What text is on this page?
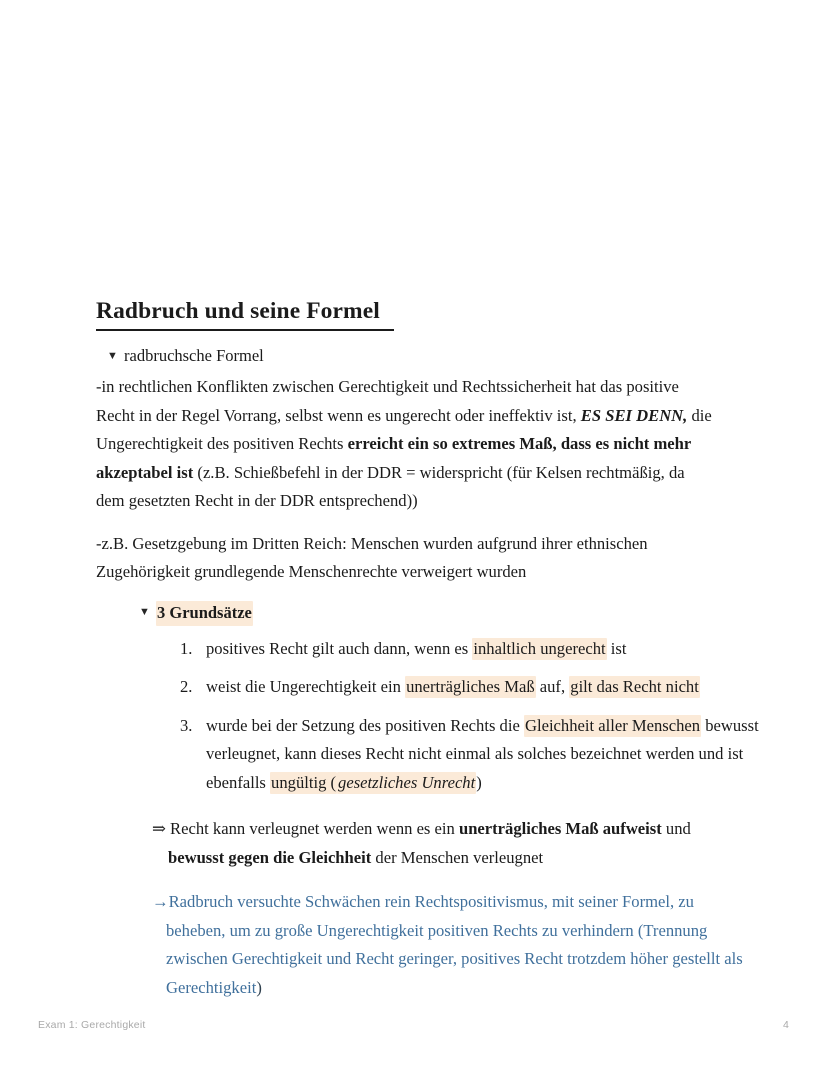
Radbruch und seine Formel
▼ radbruchsche Formel

-in rechtlichen Konflikten zwischen Gerechtigkeit und Rechtssicherheit hat das positive Recht in der Regel Vorrang, selbst wenn es ungerecht oder ineffektiv ist, ES SEI DENN, die Ungerechtigkeit des positiven Rechts erreicht ein so extremes Maß, dass es nicht mehr akzeptabel ist (z.B. Schießbefehl in der DDR = widerspricht (für Kelsen rechtmäßig, da dem gesetzten Recht in der DDR entsprechend))

-z.B. Gesetzgebung im Dritten Reich: Menschen wurden aufgrund ihrer ethnischen Zugehörigkeit grundlegende Menschenrechte verweigert wurden

▼ 3 Grundsätze
positives Recht gilt auch dann, wenn es inhaltlich ungerecht ist
weist die Ungerechtigkeit ein unerträgliches Maß auf, gilt das Recht nicht
wurde bei der Setzung des positiven Rechts die Gleichheit aller Menschen bewusst verleugnet, kann dieses Recht nicht einmal als solches bezeichnet werden und ist ebenfalls ungültig ( gesetzliches Unrecht)

⇒ Recht kann verleugnet werden wenn es ein unerträgliches Maß aufweist und bewusst gegen die Gleichheit der Menschen verleugnet

→Radbruch versuchte Schwächen rein Rechtspositivismus, mit seiner Formel, zu beheben, um zu große Ungerechtigkeit positiven Rechts zu verhindern (Trennung zwischen Gerechtigkeit und Recht geringer, positives Recht trotzdem höher gestellt als Gerechtigkeit)

Exam 1: Gerechtigkeit	4
